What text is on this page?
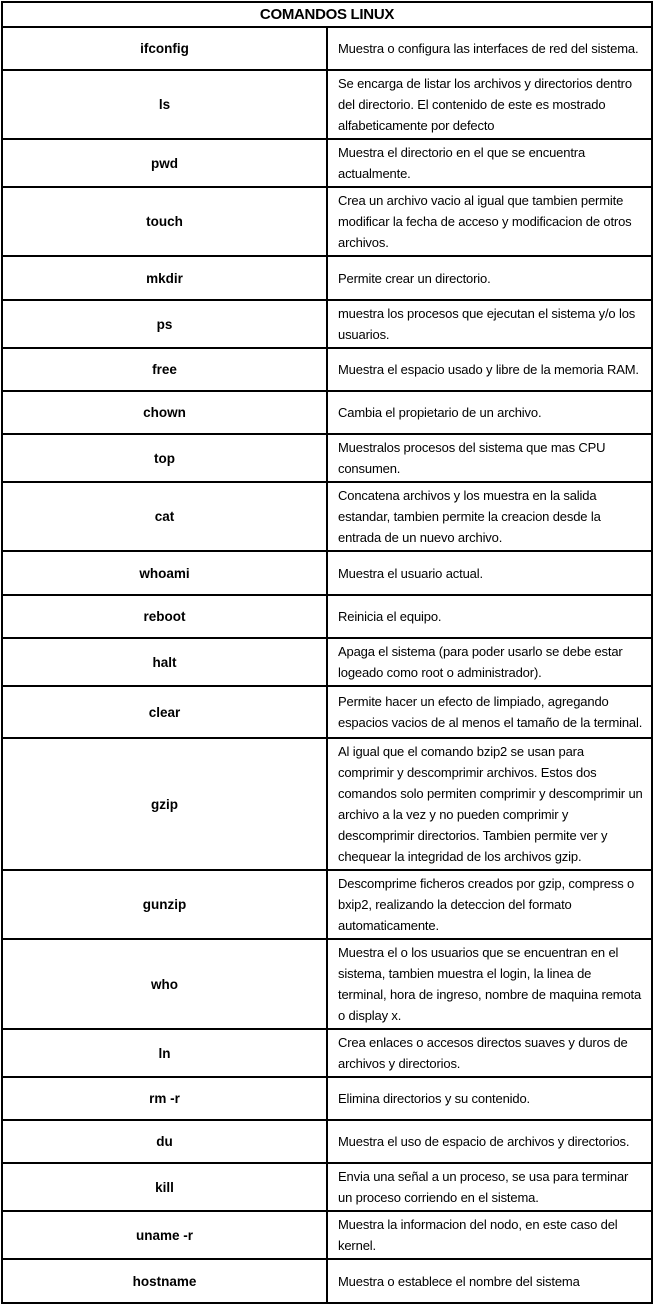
COMANDOS LINUX	
ifconfig	Muestra o configura las interfaces de red del sistema.
ls	Se encarga de listar los archivos y directorios dentro del directorio. El contenido de este es mostrado alfabeticamente por defecto
pwd	Muestra el directorio en el que se encuentra actualmente.
touch	Crea un archivo vacio al igual que tambien permite modificar la fecha de acceso y modificacion de otros archivos.
mkdir	Permite crear un directorio.
ps	muestra los procesos que ejecutan el sistema y/o los usuarios.
free	Muestra el espacio usado y libre de la memoria RAM.
chown	Cambia el propietario de un archivo.
top	Muestralos procesos del sistema que mas CPU consumen.
cat	Concatena archivos y los muestra en la salida estandar, tambien permite la creacion desde la entrada de un nuevo archivo.
whoami	Muestra el usuario actual.
reboot	Reinicia el equipo.
halt	Apaga el sistema (para poder usarlo se debe estar logeado como root o administrador).
clear	Permite hacer un efecto de limpiado, agregando espacios vacios de al menos el tamaño de la terminal.
gzip	Al igual que el comando bzip2 se usan para comprimir y descomprimir archivos. Estos dos comandos solo permiten comprimir y descomprimir un archivo a la vez y no pueden comprimir y descomprimir directorios. Tambien permite ver y chequear la integridad de los archivos gzip.
gunzip	Descomprime ficheros creados por gzip, compress o bxip2, realizando la deteccion del formato automaticamente.
who	Muestra el o los usuarios que se encuentran en el sistema, tambien muestra el login, la linea de terminal, hora de ingreso, nombre de maquina remota o display x.
ln	Crea enlaces o accesos directos suaves y duros de archivos y directorios.
rm -r	Elimina directorios y su contenido.
du	Muestra el uso de espacio de archivos y directorios.
kill	Envia una señal a un proceso, se usa para terminar un proceso corriendo en el sistema.
uname -r	Muestra la informacion del nodo, en este caso del kernel.
hostname	Muestra o establece el nombre del sistema
